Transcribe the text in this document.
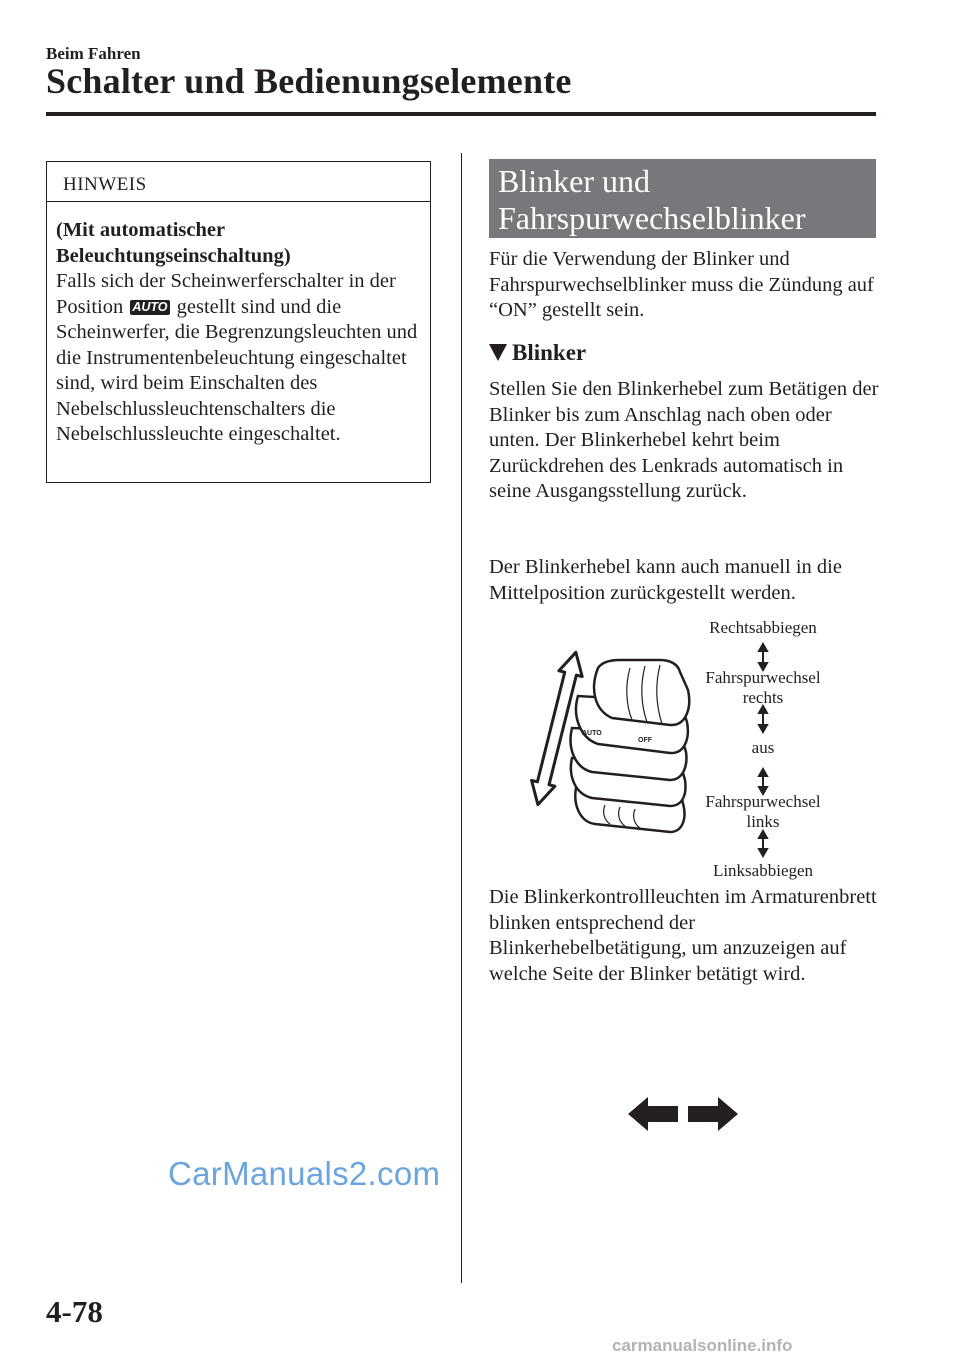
Beim Fahren
Schalter und Bedienungselemente
HINWEIS
(Mit automatischer Beleuchtungseinschaltung)
Falls sich der Scheinwerferschalter in der Position AUTO gestellt sind und die Scheinwerfer, die Begrenzungsleuchten und die Instrumentenbeleuchtung eingeschaltet sind, wird beim Einschalten des Nebelschlussleuchtenschalters die Nebelschlussleuchte eingeschaltet.
Blinker und
Fahrspurwechselblinker
Für die Verwendung der Blinker und Fahrspurwechselblinker muss die Zündung auf “ON” gestellt sein.
Blinker
Stellen Sie den Blinkerhebel zum Betätigen der Blinker bis zum Anschlag nach oben oder unten. Der Blinkerhebel kehrt beim Zurückdrehen des Lenkrads automatisch in seine Ausgangsstellung zurück.
Der Blinkerhebel kann auch manuell in die Mittelposition zurückgestellt werden.
AUTO
OFF
Rechtsabbiegen
Fahrspurwechsel
rechts
aus
Fahrspurwechsel
links
Linksabbiegen
Die Blinkerkontrollleuchten im Armaturenbrett blinken entsprechend der Blinkerhebelbetätigung, um anzuzeigen auf welche Seite der Blinker betätigt wird.
4-78
CarManuals2.com
carmanualsonline.info
